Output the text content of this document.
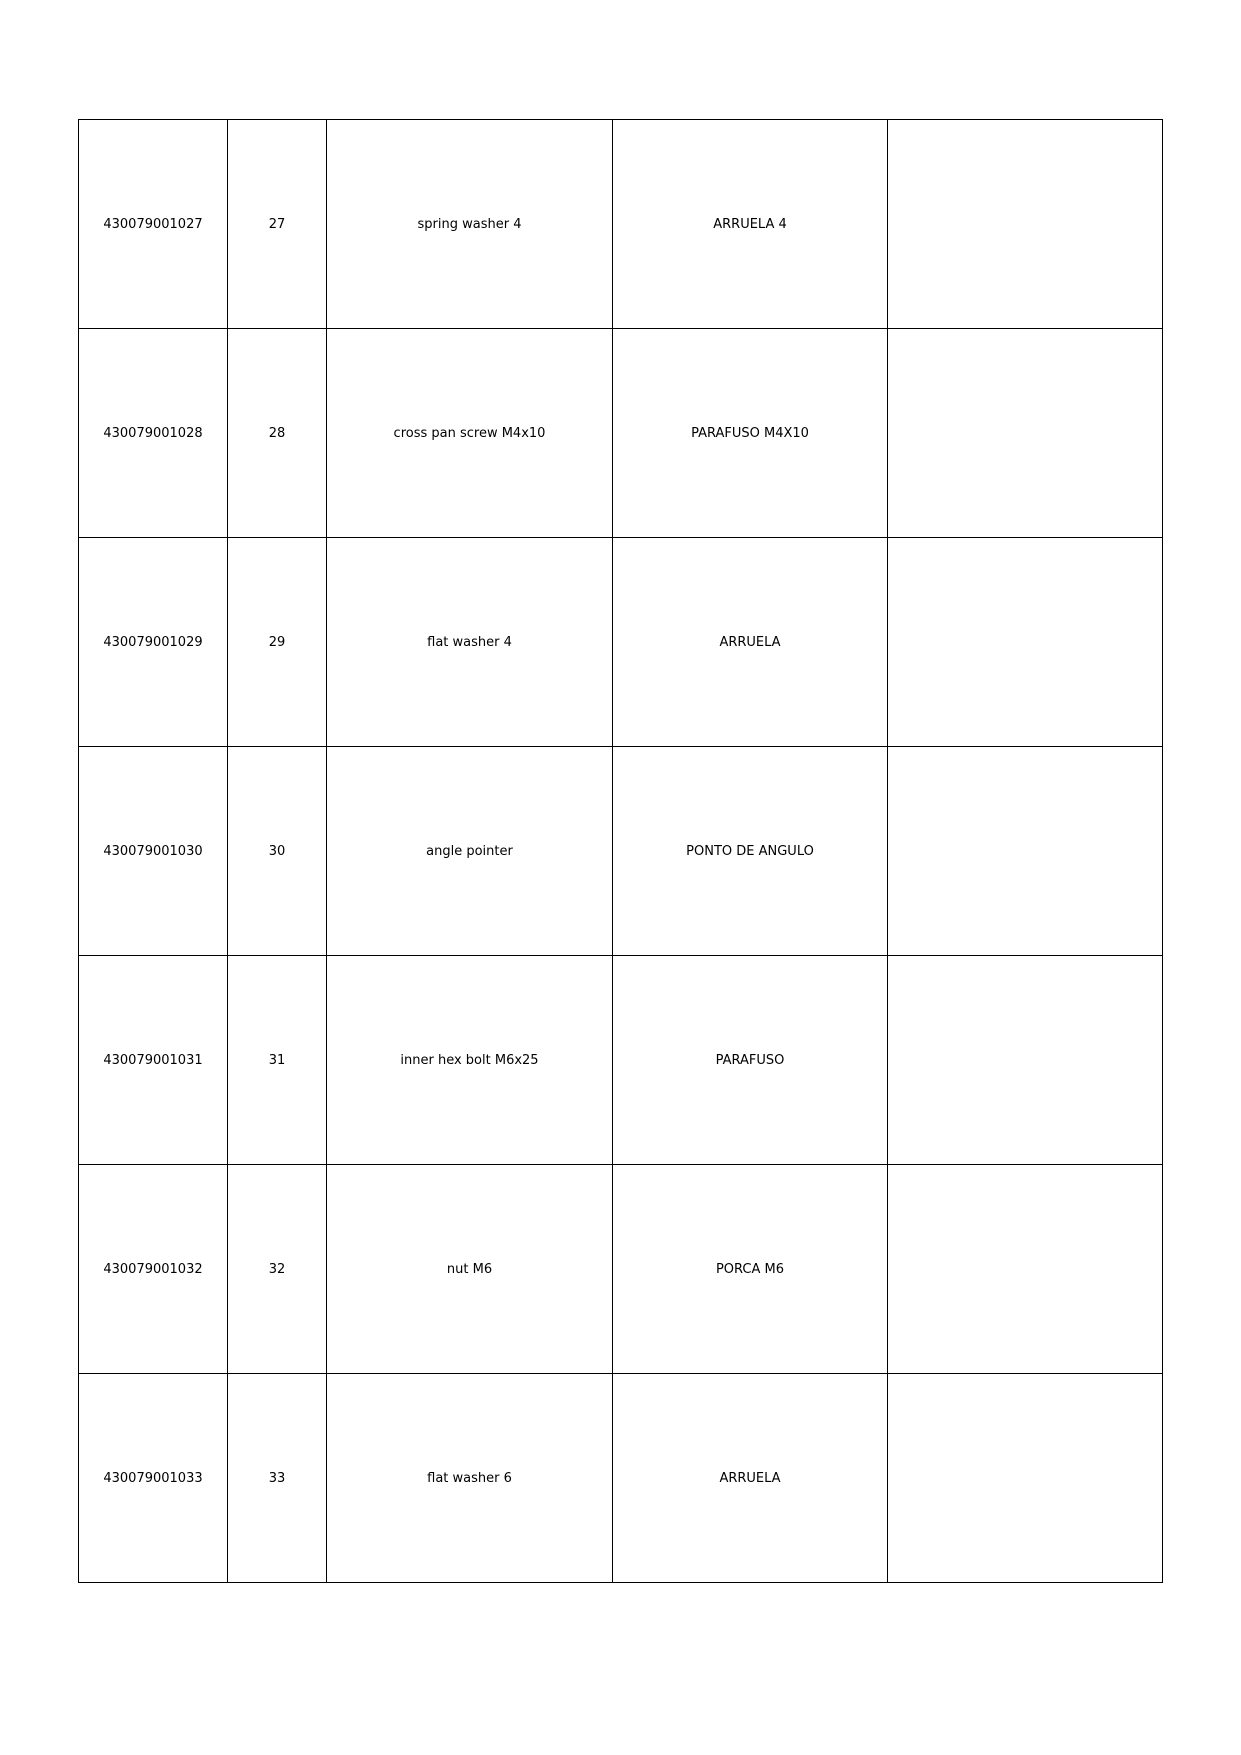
430079001027	27	spring washer 4	ARRUELA 4	
430079001028	28	cross pan screw M4x10	PARAFUSO M4X10	
430079001029	29	flat washer 4	ARRUELA	
430079001030	30	angle pointer	PONTO DE ANGULO	
430079001031	31	inner hex bolt M6x25	PARAFUSO	
430079001032	32	nut M6	PORCA M6	
430079001033	33	flat washer 6	ARRUELA	
